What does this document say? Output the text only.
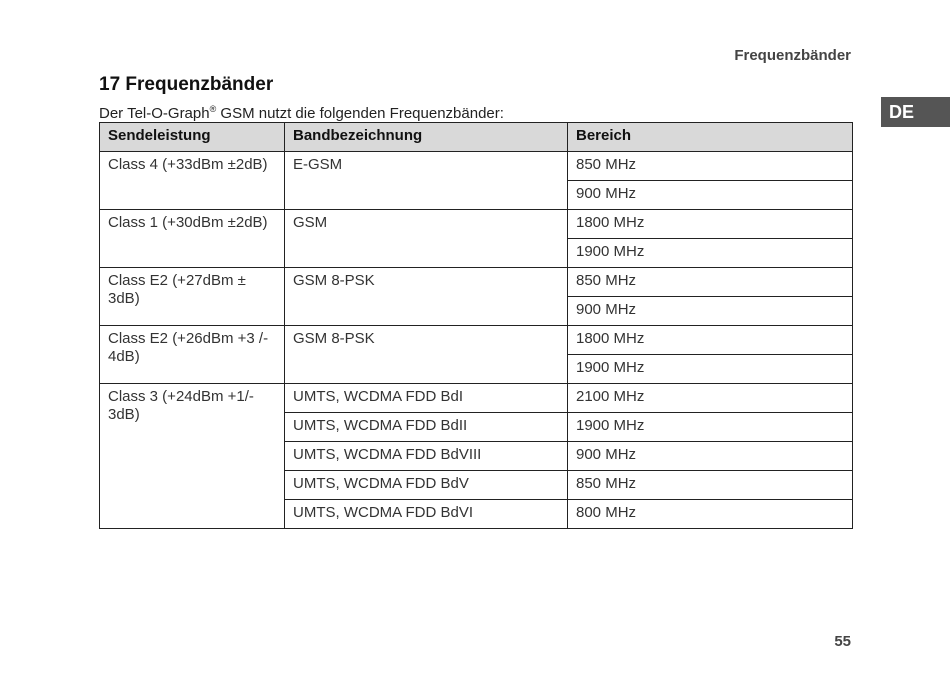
Frequenzbänder
DE
17 Frequenzbänder
Der Tel-O-Graph® GSM nutzt die folgenden Frequenzbänder:
Sendeleistung	Bandbezeichnung	Bereich
Class 4 (+33dBm ±2dB)	E-GSM	850 MHz
		900 MHz
Class 1 (+30dBm ±2dB)	GSM	1800 MHz
		1900 MHz
Class E2 (+27dBm ± 3dB)	GSM 8-PSK	850 MHz
		900 MHz
Class E2 (+26dBm +3 /- 4dB)	GSM 8-PSK	1800 MHz
		1900 MHz
Class 3 (+24dBm +1/- 3dB)	UMTS, WCDMA FDD BdI	2100 MHz
	UMTS, WCDMA FDD BdII	1900 MHz
	UMTS, WCDMA FDD BdVIII	900 MHz
	UMTS, WCDMA FDD BdV	850 MHz
	UMTS, WCDMA FDD BdVI	800 MHz
55
